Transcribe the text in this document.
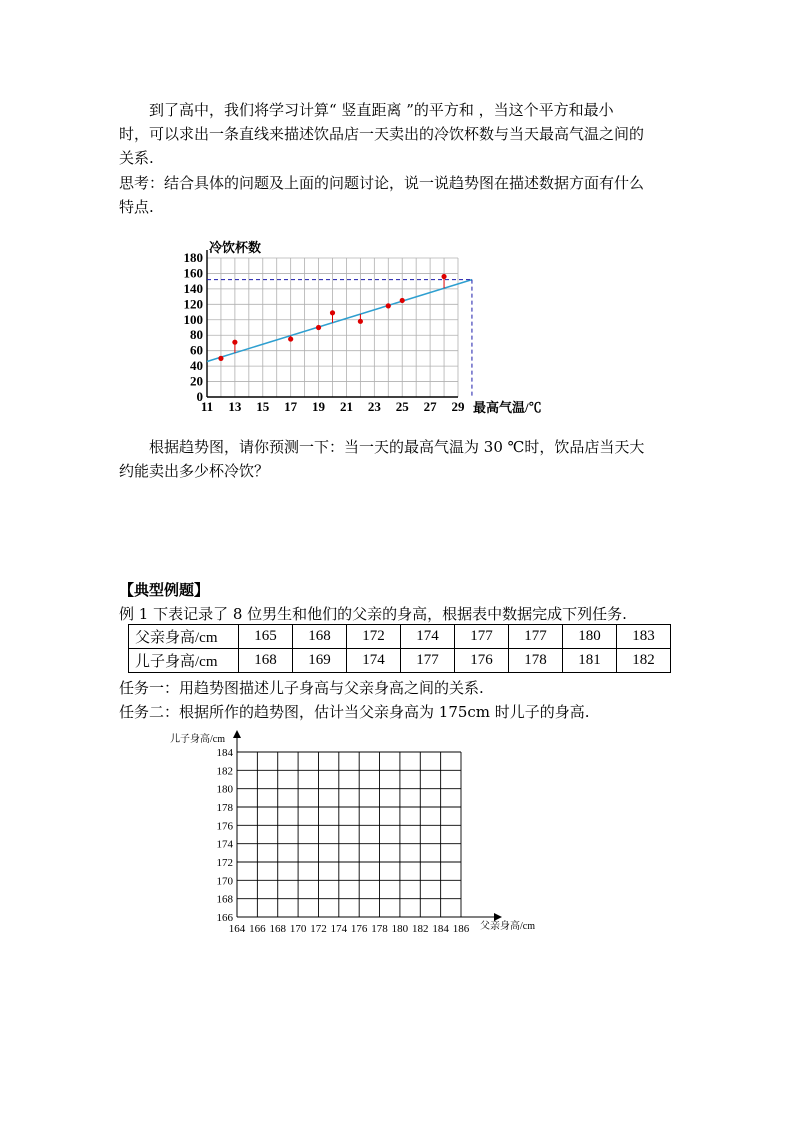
到了高中，我们将学习计算“ 竖直距离 ”的平方和 ，当这个平方和最小
时，可以求出一条直线来描述饮品店一天卖出的冷饮杯数与当天最高气温之间的
关系.
思考：结合具体的问题及上面的问题讨论，说一说趋势图在描述数据方面有什么
特点.
11 13 15 17 19 21 23 25 27 29
0
20
40
60
80
100
120
140
160
180
冷饮杯数
最高气温/℃
根据趋势图，请你预测一下：当一天的最高气温为 30 ℃时，饮品店当天大
约能卖出多少杯冷饮？
【典型例题】
例 1 下表记录了 8 位男生和他们的父亲的身高，根据表中数据完成下列任务.
父亲身高/cm	165	168	172	174	177	177	180	183
儿子身高/cm	168	169	174	177	176	178	181	182
任务一：用趋势图描述儿子身高与父亲身高之间的关系.
任务二：根据所作的趋势图，估计当父亲身高为 175cm 时儿子的身高.
164 166 168 170 172 174 176 178 180 182 184 186
166
168
170
172
174
176
178
180
182
184
儿子身高/cm
父亲身高/cm
